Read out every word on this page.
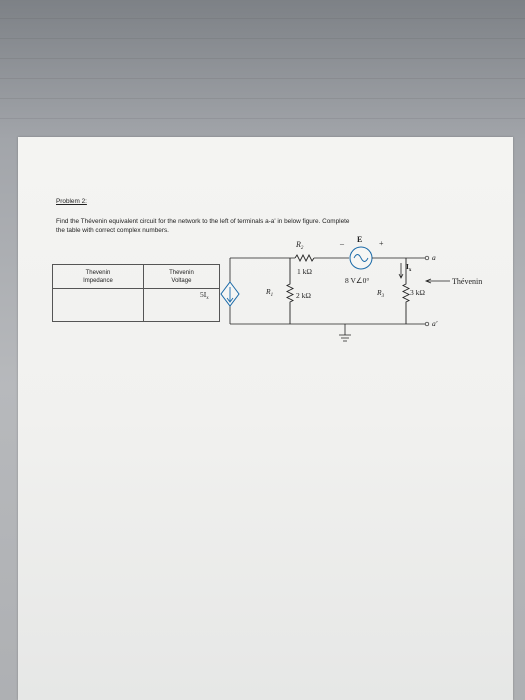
Problem 2:
Find the Thévenin equivalent circuit for the network to the left of terminals a-a' in below figure. Complete
the table with correct complex numbers.
Thevenin
Impedance	Thevenin
Voltage

$R_2$
1 kΩ
E
–	+
8 V∠0°
$5I_x$
$R_1$	2 kΩ	$R_3$	3 kΩ
$I_x$
a
a′
Thévenin
